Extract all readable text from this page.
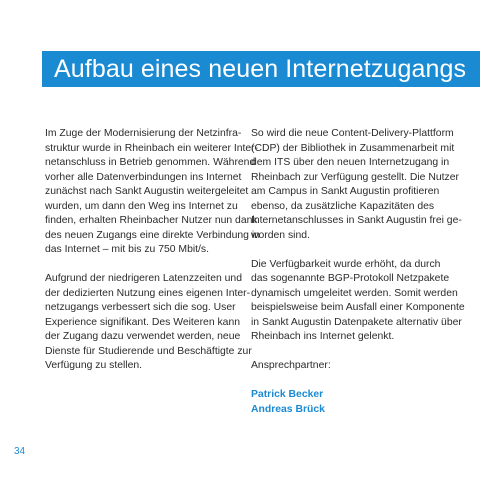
Aufbau eines neuen Internetzugangs

Im Zuge der Modernisierung der Netzinfra-
struktur wurde in Rheinbach ein weiterer Inter-
netanschluss in Betrieb genommen. Während
vorher alle Datenverbindungen ins Internet
zunächst nach Sankt Augustin weitergeleitet
wurden, um dann den Weg ins Internet zu
finden, erhalten Rheinbacher Nutzer nun dank
des neuen Zugangs eine direkte Verbindung in
das Internet – mit bis zu 750 Mbit/s.

Aufgrund der niedrigeren Latenzzeiten und
der dedizierten Nutzung eines eigenen Inter-
netzugangs verbessert sich die sog. User
Experience signifikant. Des Weiteren kann
der Zugang dazu verwendet werden, neue
Dienste für Studierende und Beschäftigte zur
Verfügung zu stellen.

So wird die neue Content-Delivery-Plattform
(CDP) der Bibliothek in Zusammenarbeit mit
dem ITS über den neuen Internetzugang in
Rheinbach zur Verfügung gestellt. Die Nutzer
am Campus in Sankt Augustin profitieren
ebenso, da zusätzliche Kapazitäten des
Internetanschlusses in Sankt Augustin frei ge-
worden sind.

Die Verfügbarkeit wurde erhöht, da durch
das sogenannte BGP-Protokoll Netzpakete
dynamisch umgeleitet werden. Somit werden
beispielsweise beim Ausfall einer Komponente
in Sankt Augustin Datenpakete alternativ über
Rheinbach ins Internet gelenkt.

Ansprechpartner:

Patrick Becker
Andreas Brück
34
